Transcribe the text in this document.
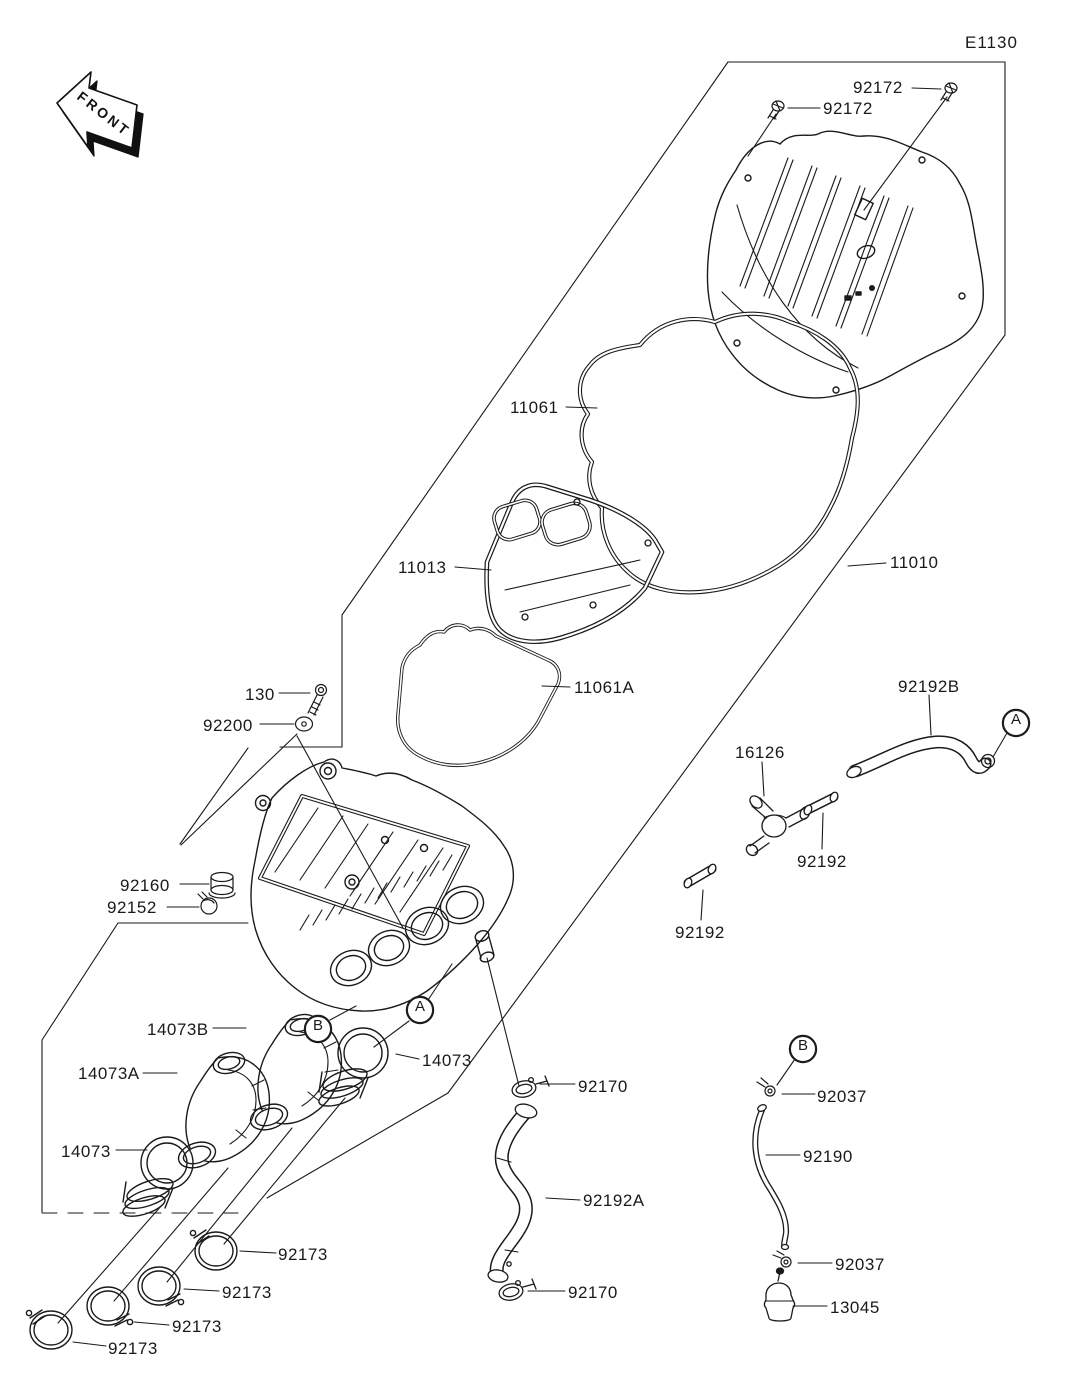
E1130
FRONT
92172
92172
11061
11013
11061A
11010
92192B
16126
92192
92192
130
92200
92160
92152
14073B
14073A
14073
14073
92170
92192A
92170
92037
92190
92037
13045
92173
92173
92173
92173
A
A
B
B
